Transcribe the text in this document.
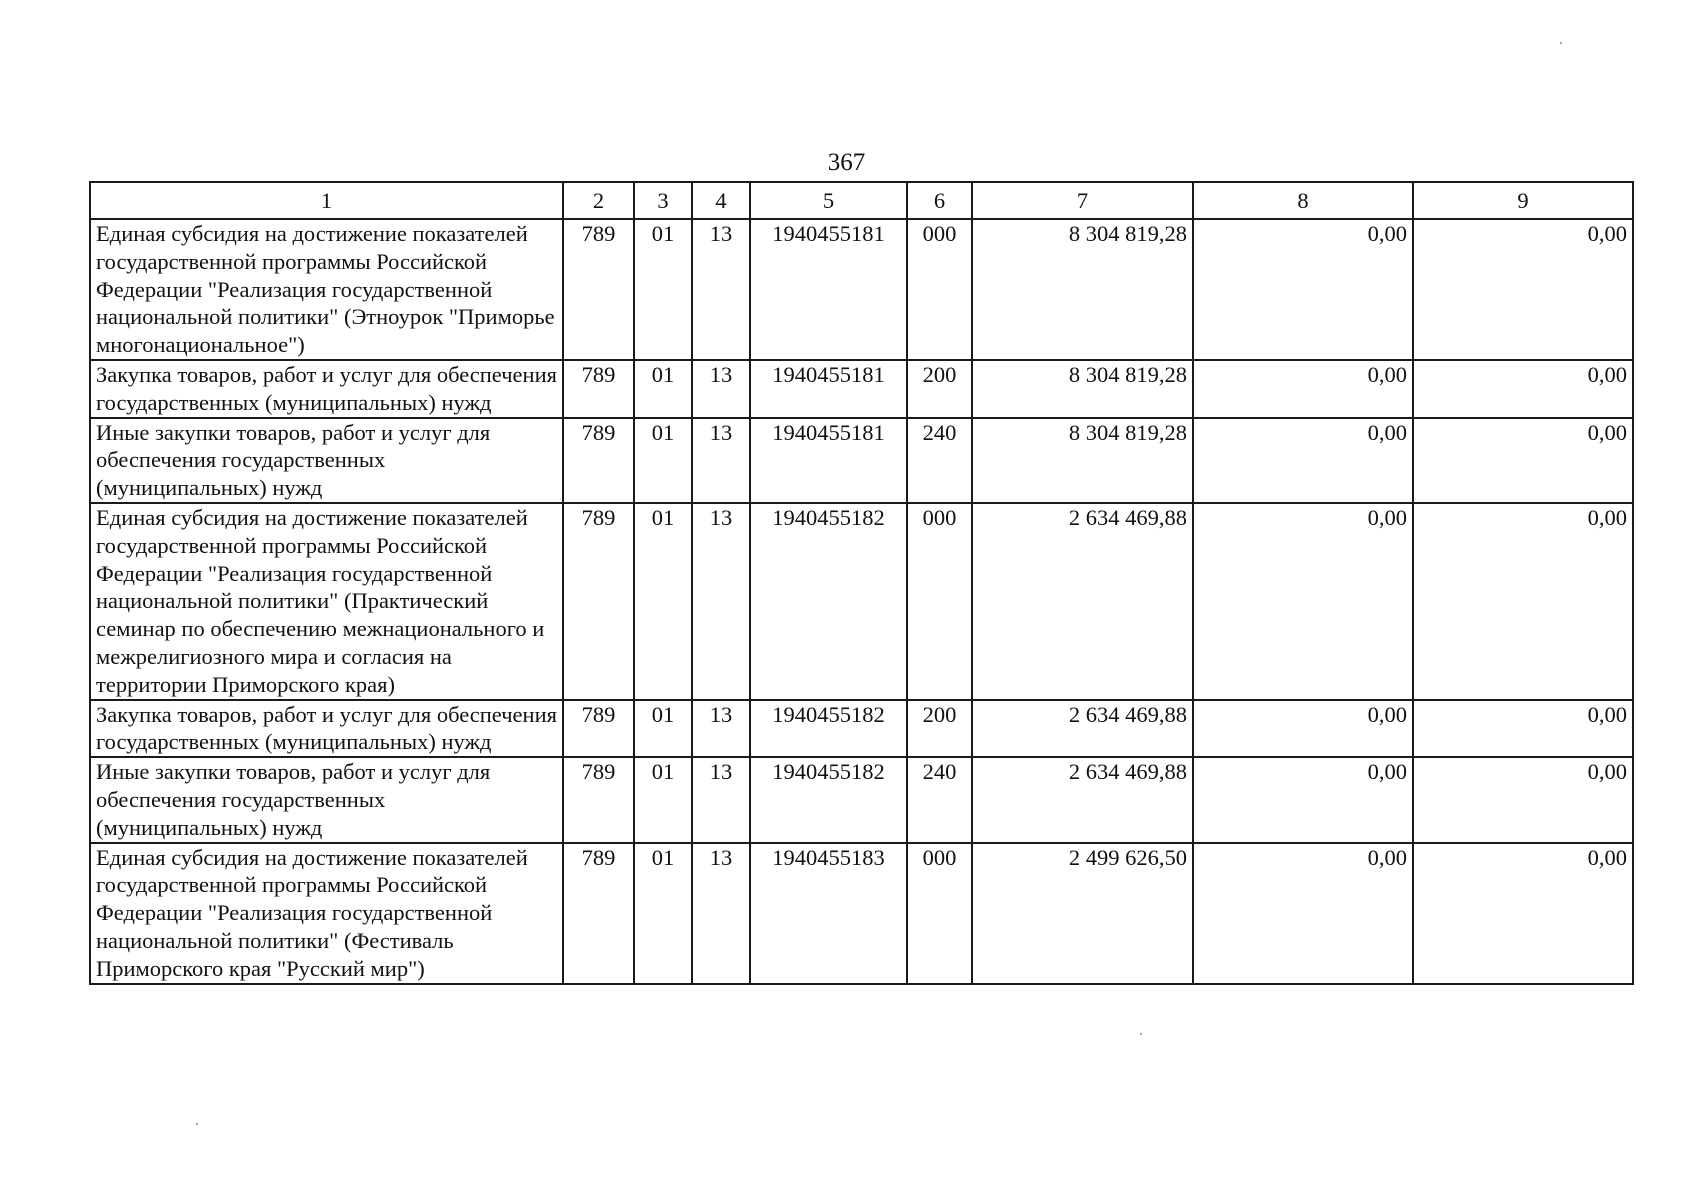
367
1	2	3	4	5	6	7	8	9
Единая субсидия на достижение показателей государственной программы Российской Федерации "Реализация государственной национальной политики" (Этноурок "Приморье многонациональное")	789	01	13	1940455181	000	8 304 819,28	0,00	0,00
Закупка товаров, работ и услуг для обеспечения государственных (муниципальных) нужд	789	01	13	1940455181	200	8 304 819,28	0,00	0,00
Иные закупки товаров, работ и услуг для обеспечения государственных (муниципальных) нужд	789	01	13	1940455181	240	8 304 819,28	0,00	0,00
Единая субсидия на достижение показателей государственной программы Российской Федерации "Реализация государственной национальной политики" (Практический семинар по обеспечению межнационального и межрелигиозного мира и согласия на территории Приморского края)	789	01	13	1940455182	000	2 634 469,88	0,00	0,00
Закупка товаров, работ и услуг для обеспечения государственных (муниципальных) нужд	789	01	13	1940455182	200	2 634 469,88	0,00	0,00
Иные закупки товаров, работ и услуг для обеспечения государственных (муниципальных) нужд	789	01	13	1940455182	240	2 634 469,88	0,00	0,00
Единая субсидия на достижение показателей государственной программы Российской Федерации "Реализация государственной национальной политики" (Фестиваль Приморского края "Русский мир")	789	01	13	1940455183	000	2 499 626,50	0,00	0,00
